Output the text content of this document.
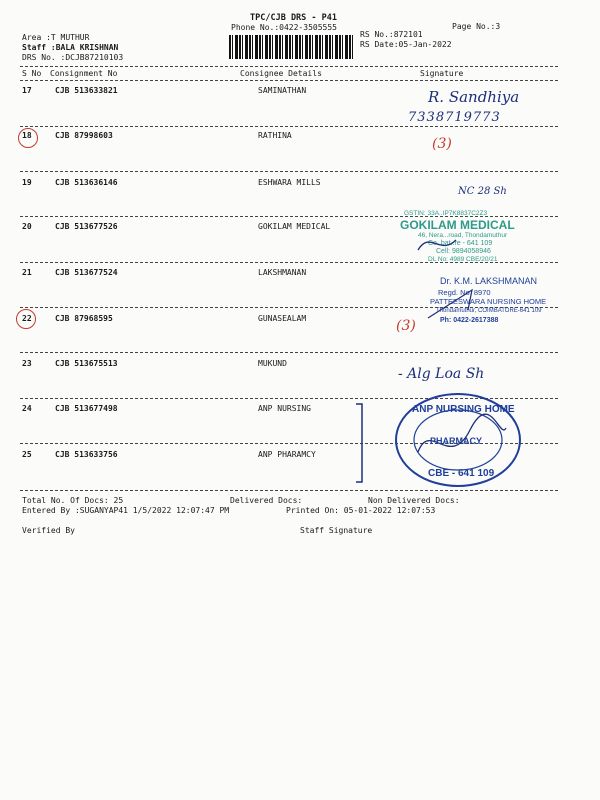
TPC/CJB DRS - P41
Phone No.:0422-3505555
RS No.:872101
Page No.:3
RS Date:05-Jan-2022
Area :T MUTHUR
Staff :BALA KRISHNAN
DRS No. :DCJB87210103
S No Consignment No	Consignee Details	Signature
17	CJB 513633821	SAMINATHAN
18	CJB 87998603	RATHINA
19	CJB 513636146	ESHWARA MILLS
20	CJB 513677526	GOKILAM MEDICAL
21	CJB 513677524	LAKSHMANAN
22	CJB 87968595	GUNASEALAM
23	CJB 513675513	MUKUND
24	CJB 513677498	ANP NURSING
25	CJB 513633756	ANP PHARAMCY
R. Sandhiya
7338719773
(3)
NC 28 Sh
(3)
- Alg Loa Sh
GSTIN: 33A..IP7K8837C2Z3
GOKILAM MEDICAL
46, Nera...road, Thondamuthur
Co..bat..re - 641 109
Cell: 9894058946
DL No: 4989 CBE/20/21
Dr. K.M. LAKSHMANAN
Regd. No. 8970
PATTEESWARA NURSING HOME
Thondamuthur, COIMBATORE-641 109
Ph: 0422-2617388
ANP NURSING HOME
PHARMACY
CBE - 641 109
Total No. Of Docs: 25	Delivered Docs:	Non Delivered Docs:
Entered By :SUGANYAP41 1/5/2022 12:07:47 PM	Printed On: 05-01-2022 12:07:53
Verified By	Staff Signature
